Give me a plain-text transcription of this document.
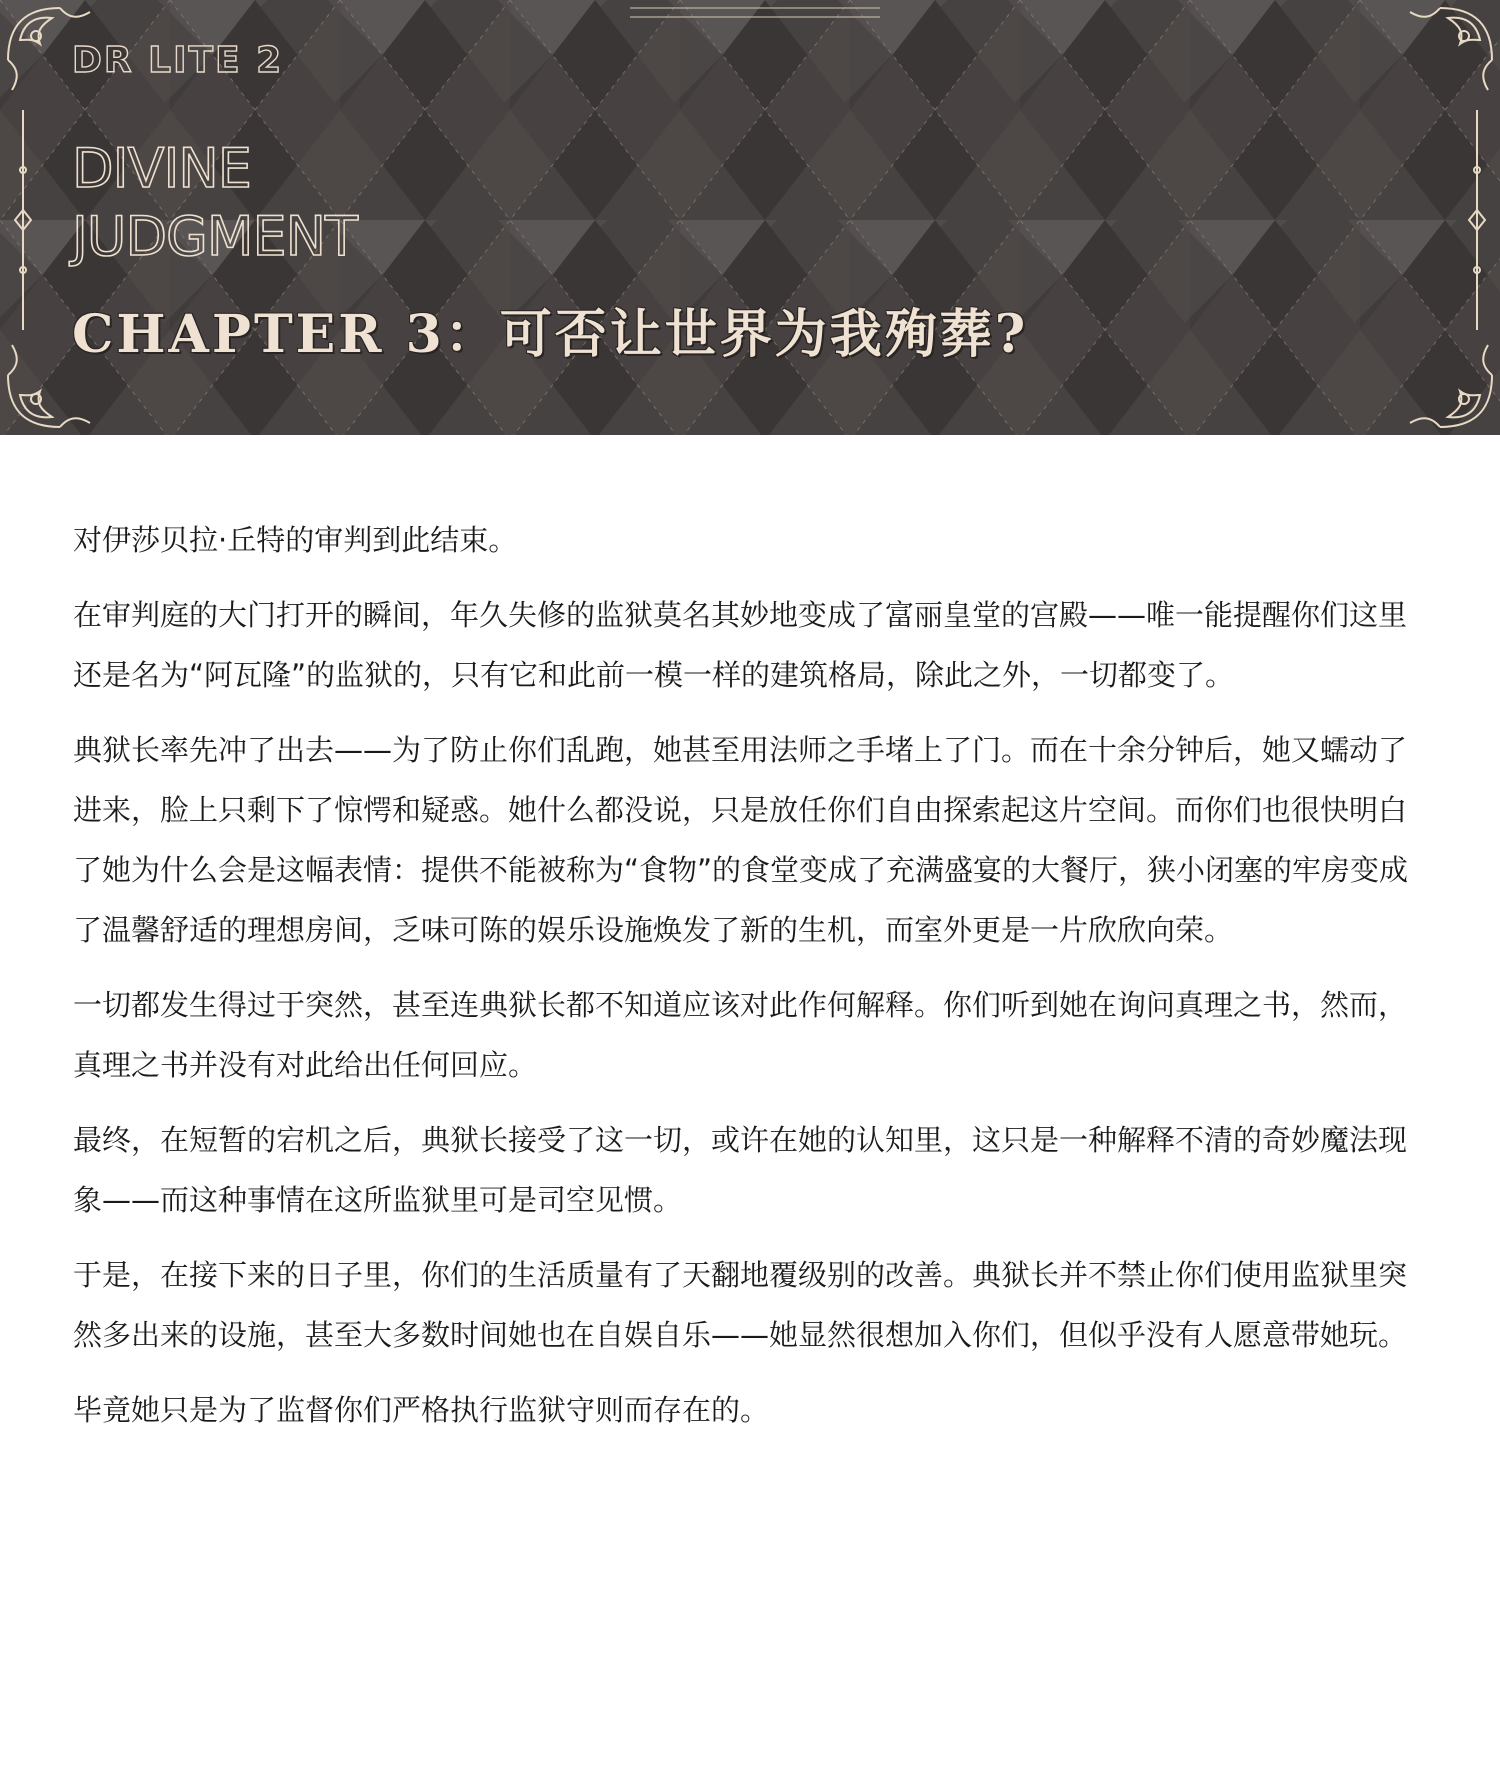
DR LITE 2
DIVINE
JUDGMENT
CHAPTER 3：可否让世界为我殉葬?

对伊莎贝拉·丘特的审判到此结束。

在审判庭的大门打开的瞬间，年久失修的监狱莫名其妙地变成了富丽皇堂的宫殿——唯一能提醒你们这里还是名为“阿瓦隆”的监狱的，只有它和此前一模一样的建筑格局，除此之外，一切都变了。

典狱长率先冲了出去——为了防止你们乱跑，她甚至用法师之手堵上了门。而在十余分钟后，她又蠕动了进来，脸上只剩下了惊愕和疑惑。她什么都没说，只是放任你们自由探索起这片空间。而你们也很快明白了她为什么会是这幅表情：提供不能被称为“食物”的食堂变成了充满盛宴的大餐厅，狭小闭塞的牢房变成了温馨舒适的理想房间，乏味可陈的娱乐设施焕发了新的生机，而室外更是一片欣欣向荣。

一切都发生得过于突然，甚至连典狱长都不知道应该对此作何解释。你们听到她在询问真理之书，然而，真理之书并没有对此给出任何回应。

最终，在短暂的宕机之后，典狱长接受了这一切，或许在她的认知里，这只是一种解释不清的奇妙魔法现象——而这种事情在这所监狱里可是司空见惯。

于是，在接下来的日子里，你们的生活质量有了天翻地覆级别的改善。典狱长并不禁止你们使用监狱里突然多出来的设施，甚至大多数时间她也在自娱自乐——她显然很想加入你们，但似乎没有人愿意带她玩。

毕竟她只是为了监督你们严格执行监狱守则而存在的。
